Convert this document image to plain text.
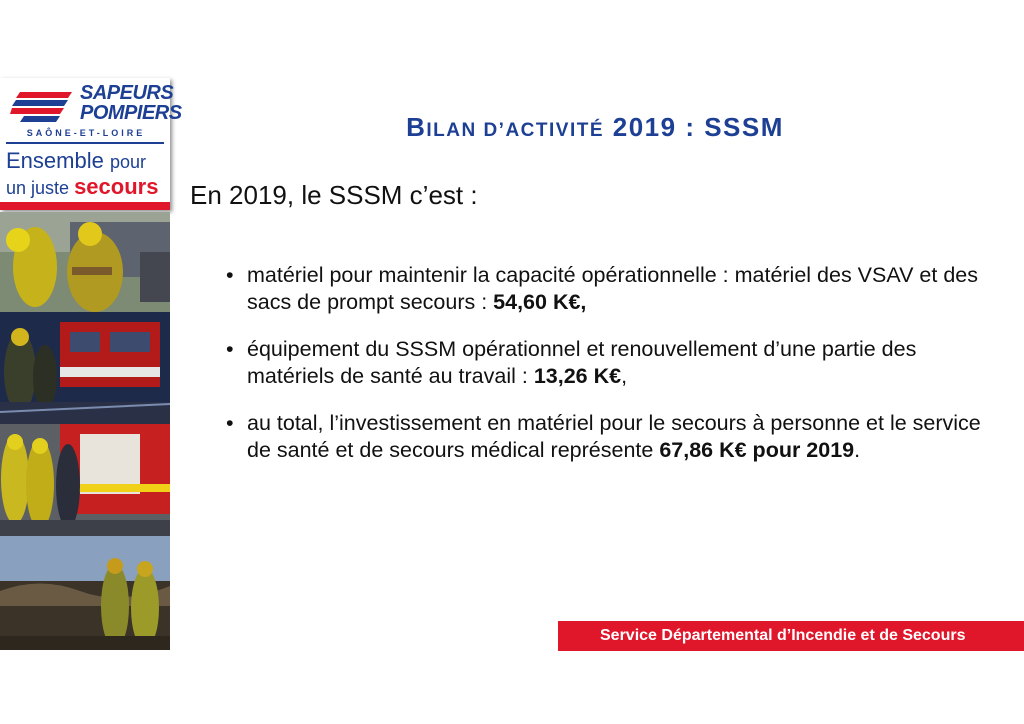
SAPEURS
POMPIERS
SAÔNE-ET-LOIRE
Ensemble pour
un juste secours
BILAN D’ACTIVITÉ 2019 : SSSM
En 2019, le SSSM c’est :
• matériel pour maintenir la capacité opérationnelle : matériel des VSAV et des sacs de prompt secours : 54,60 K€,
• équipement du SSSM opérationnel et renouvellement d’une partie des matériels de santé au travail : 13,26 K€,
• au total, l’investissement en matériel pour le secours à personne et le service de santé et de secours médical représente 67,86 K€ pour 2019.
Service Départemental d’Incendie et de Secours
